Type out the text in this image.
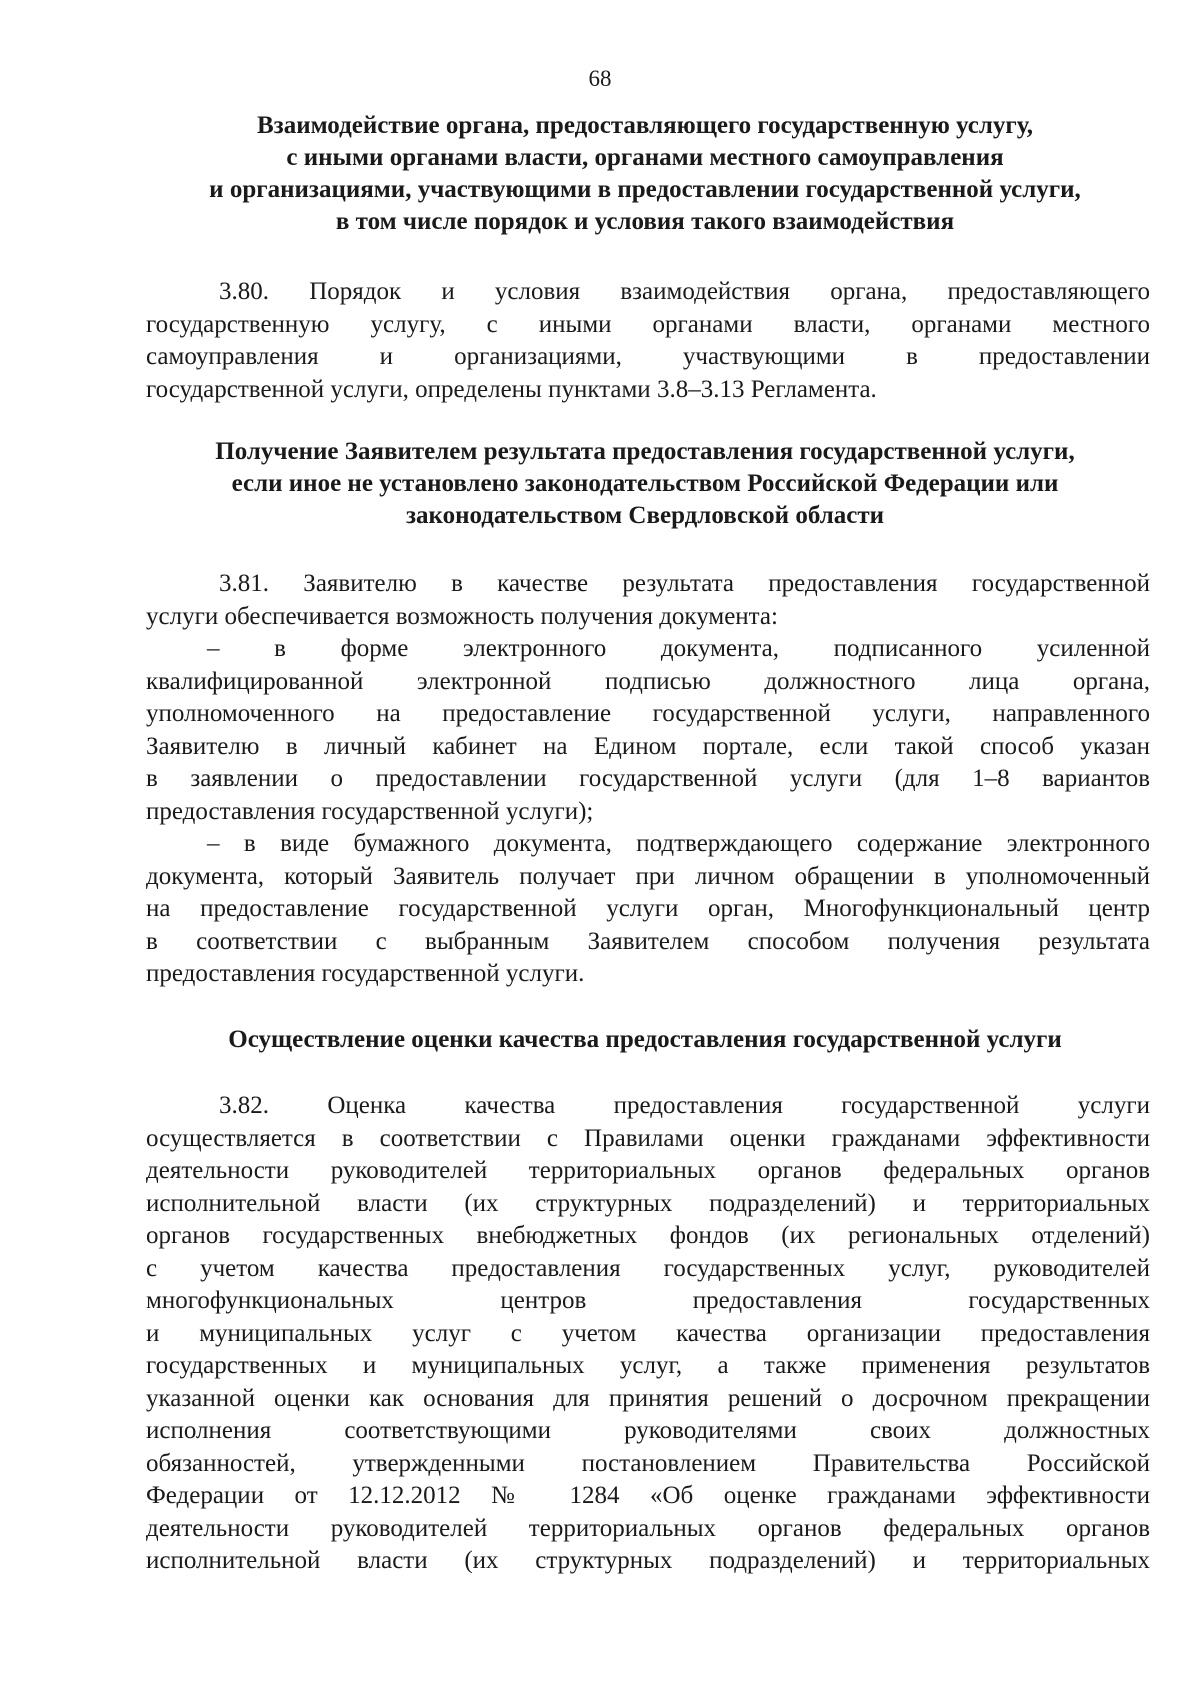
68
Взаимодействие органа, предоставляющего государственную услугу,
с иными органами власти, органами местного самоуправления
и организациями, участвующими в предоставлении государственной услуги,
в том числе порядок и условия такого взаимодействия
3.80. Порядок и условия взаимодействия органа, предоставляющего
государственную услугу, с иными органами власти, органами местного
самоуправления и организациями, участвующими в предоставлении
государственной услуги, определены пунктами 3.8–3.13 Регламента.
Получение Заявителем результата предоставления государственной услуги,
если иное не установлено законодательством Российской Федерации или
законодательством Свердловской области
3.81. Заявителю в качестве результата предоставления государственной
услуги обеспечивается возможность получения документа:
– в форме электронного документа, подписанного усиленной
квалифицированной электронной подписью должностного лица органа,
уполномоченного на предоставление государственной услуги, направленного
Заявителю в личный кабинет на Едином портале, если такой способ указан
в заявлении о предоставлении государственной услуги (для 1–8 вариантов
предоставления государственной услуги);
– в виде бумажного документа, подтверждающего содержание электронного
документа, который Заявитель получает при личном обращении в уполномоченный
на предоставление государственной услуги орган, Многофункциональный центр
в соответствии с выбранным Заявителем способом получения результата
предоставления государственной услуги.
Осуществление оценки качества предоставления государственной услуги
3.82. Оценка качества предоставления государственной услуги
осуществляется в соответствии с Правилами оценки гражданами эффективности
деятельности руководителей территориальных органов федеральных органов
исполнительной власти (их структурных подразделений) и территориальных
органов государственных внебюджетных фондов (их региональных отделений)
с учетом качества предоставления государственных услуг, руководителей
многофункциональных центров предоставления государственных
и муниципальных услуг с учетом качества организации предоставления
государственных и муниципальных услуг, а также применения результатов
указанной оценки как основания для принятия решений о досрочном прекращении
исполнения соответствующими руководителями своих должностных
обязанностей, утвержденными постановлением Правительства Российской
Федерации от 12.12.2012 № 1284 «Об оценке гражданами эффективности
деятельности руководителей территориальных органов федеральных органов
исполнительной власти (их структурных подразделений) и территориальных
